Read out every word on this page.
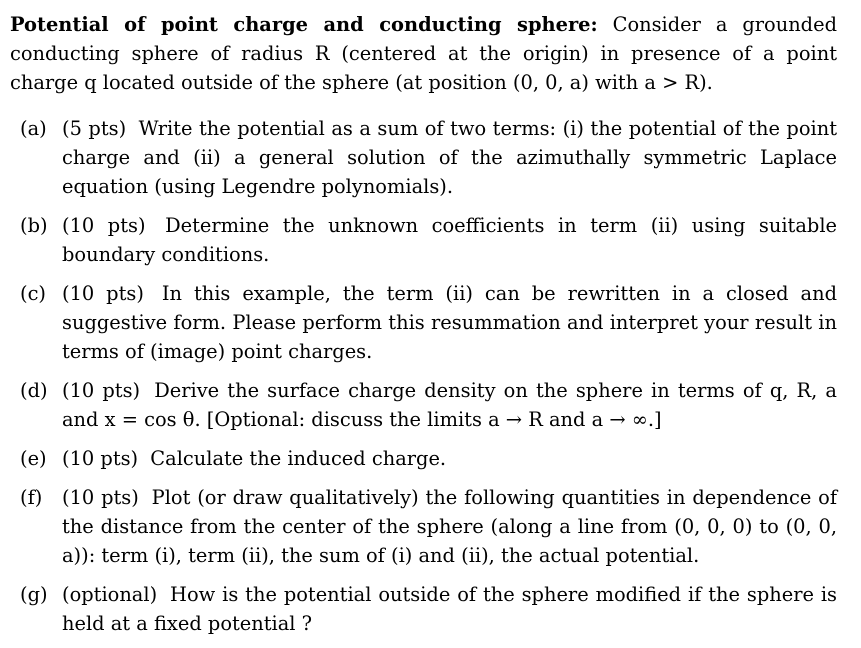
Potential of point charge and conducting sphere: Consider a grounded conducting sphere of radius R (centered at the origin) in presence of a point charge q located outside of the sphere (at position (0, 0, a) with a > R).

(a) (5 pts) Write the potential as a sum of two terms: (i) the potential of the point charge and (ii) a general solution of the azimuthally symmetric Laplace equation (using Legendre polynomials).
(b) (10 pts) Determine the unknown coefficients in term (ii) using suitable boundary conditions.
(c) (10 pts) In this example, the term (ii) can be rewritten in a closed and suggestive form. Please perform this resummation and interpret your result in terms of (image) point charges.
(d) (10 pts) Derive the surface charge density on the sphere in terms of q, R, a and x = cos θ. [Optional: discuss the limits a → R and a → ∞.]
(e) (10 pts) Calculate the induced charge.
(f) (10 pts) Plot (or draw qualitatively) the following quantities in dependence of the distance from the center of the sphere (along a line from (0, 0, 0) to (0, 0, a)): term (i), term (ii), the sum of (i) and (ii), the actual potential.
(g) (optional) How is the potential outside of the sphere modified if the sphere is held at a fixed potential ?
